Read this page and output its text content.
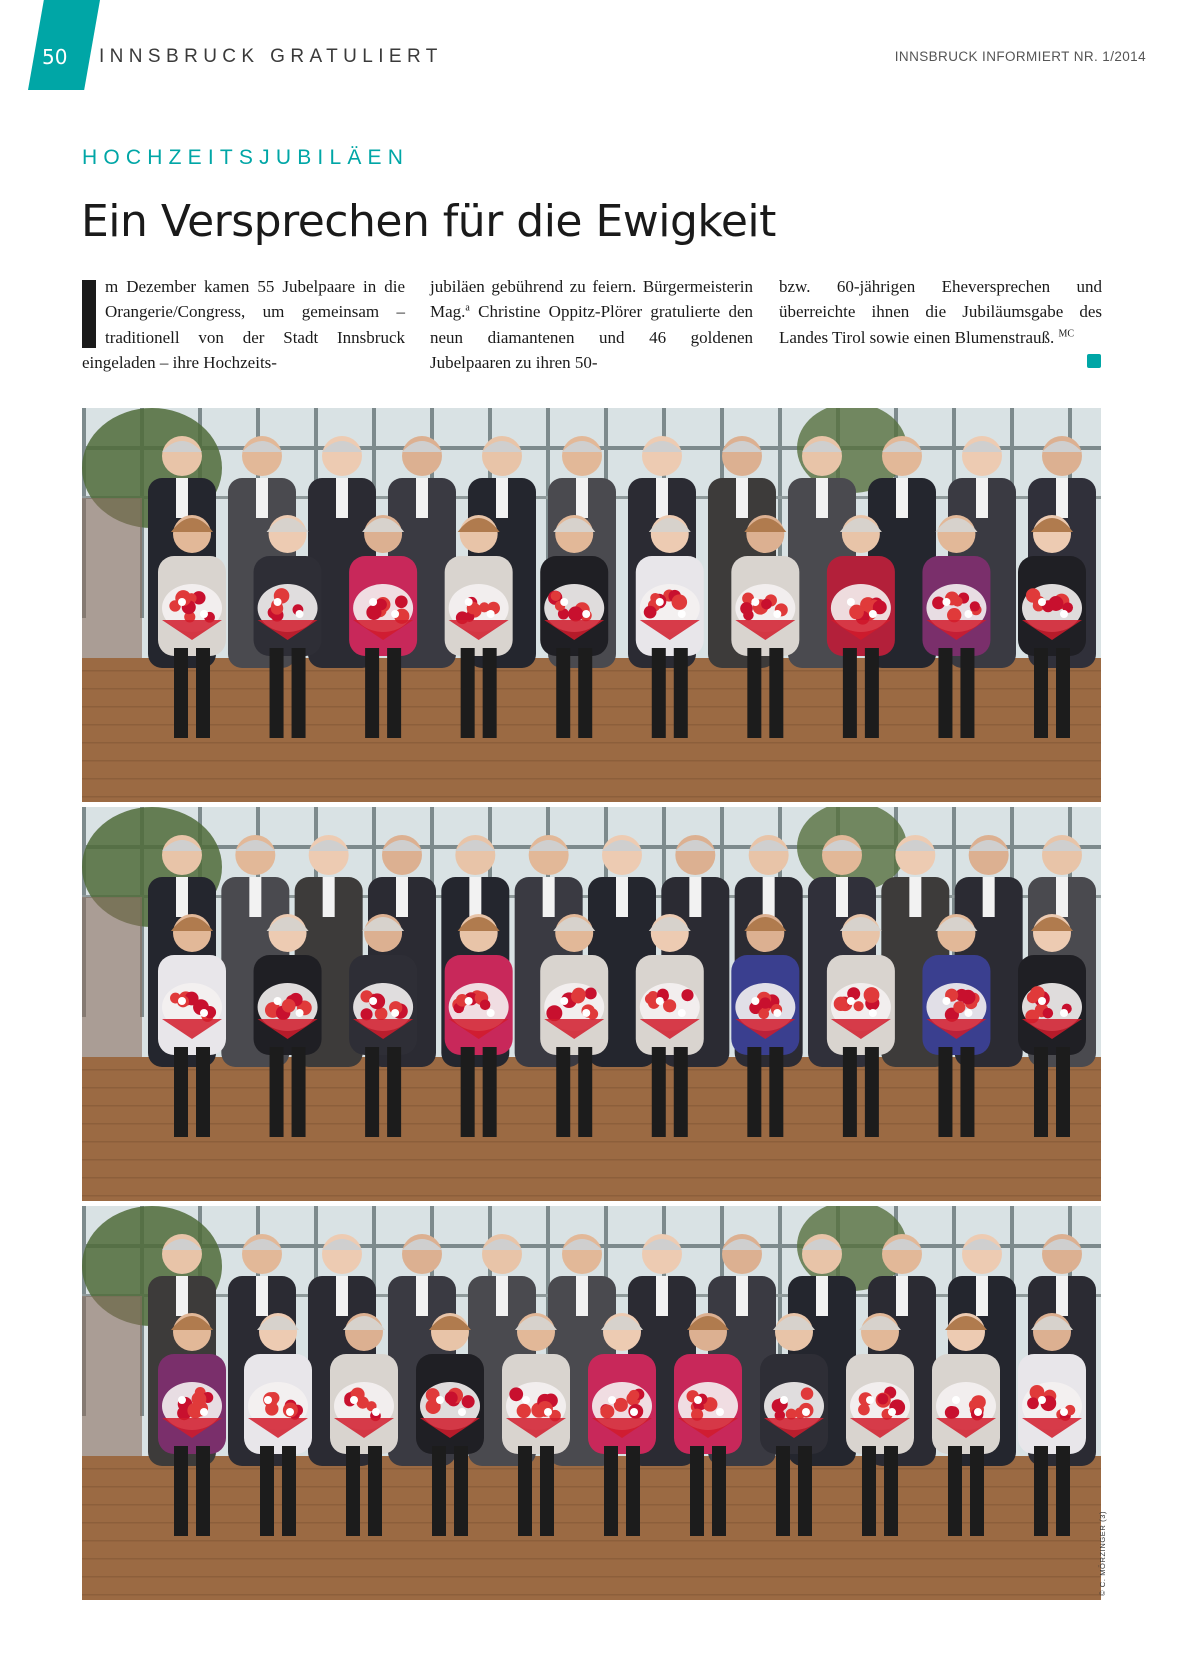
50 INNSBRUCK GRATULIERT	INNSBRUCK INFORMIERT NR. 1/2014
HOCHZEITSJUBILÄEN
Ein Versprechen für die Ewigkeit
m Dezember kamen 55 Jubelpaare in die Orangerie/Congress, um gemeinsam – traditionell von der Stadt Innsbruck eingeladen – ihre Hochzeits-
jubiläen gebührend zu feiern. Bürgermeisterin Mag.$^a$ Christine Oppitz-Plörer gratulierte den neun diamantenen und 46 goldenen Jubelpaaren zu ihren 50-
bzw. 60-jährigen Eheversprechen und überreichte ihnen die Jubiläumsgabe des Landes Tirol sowie einen Blumenstrauß. $^{MC}$
© C. MÖRZINGER (3)
